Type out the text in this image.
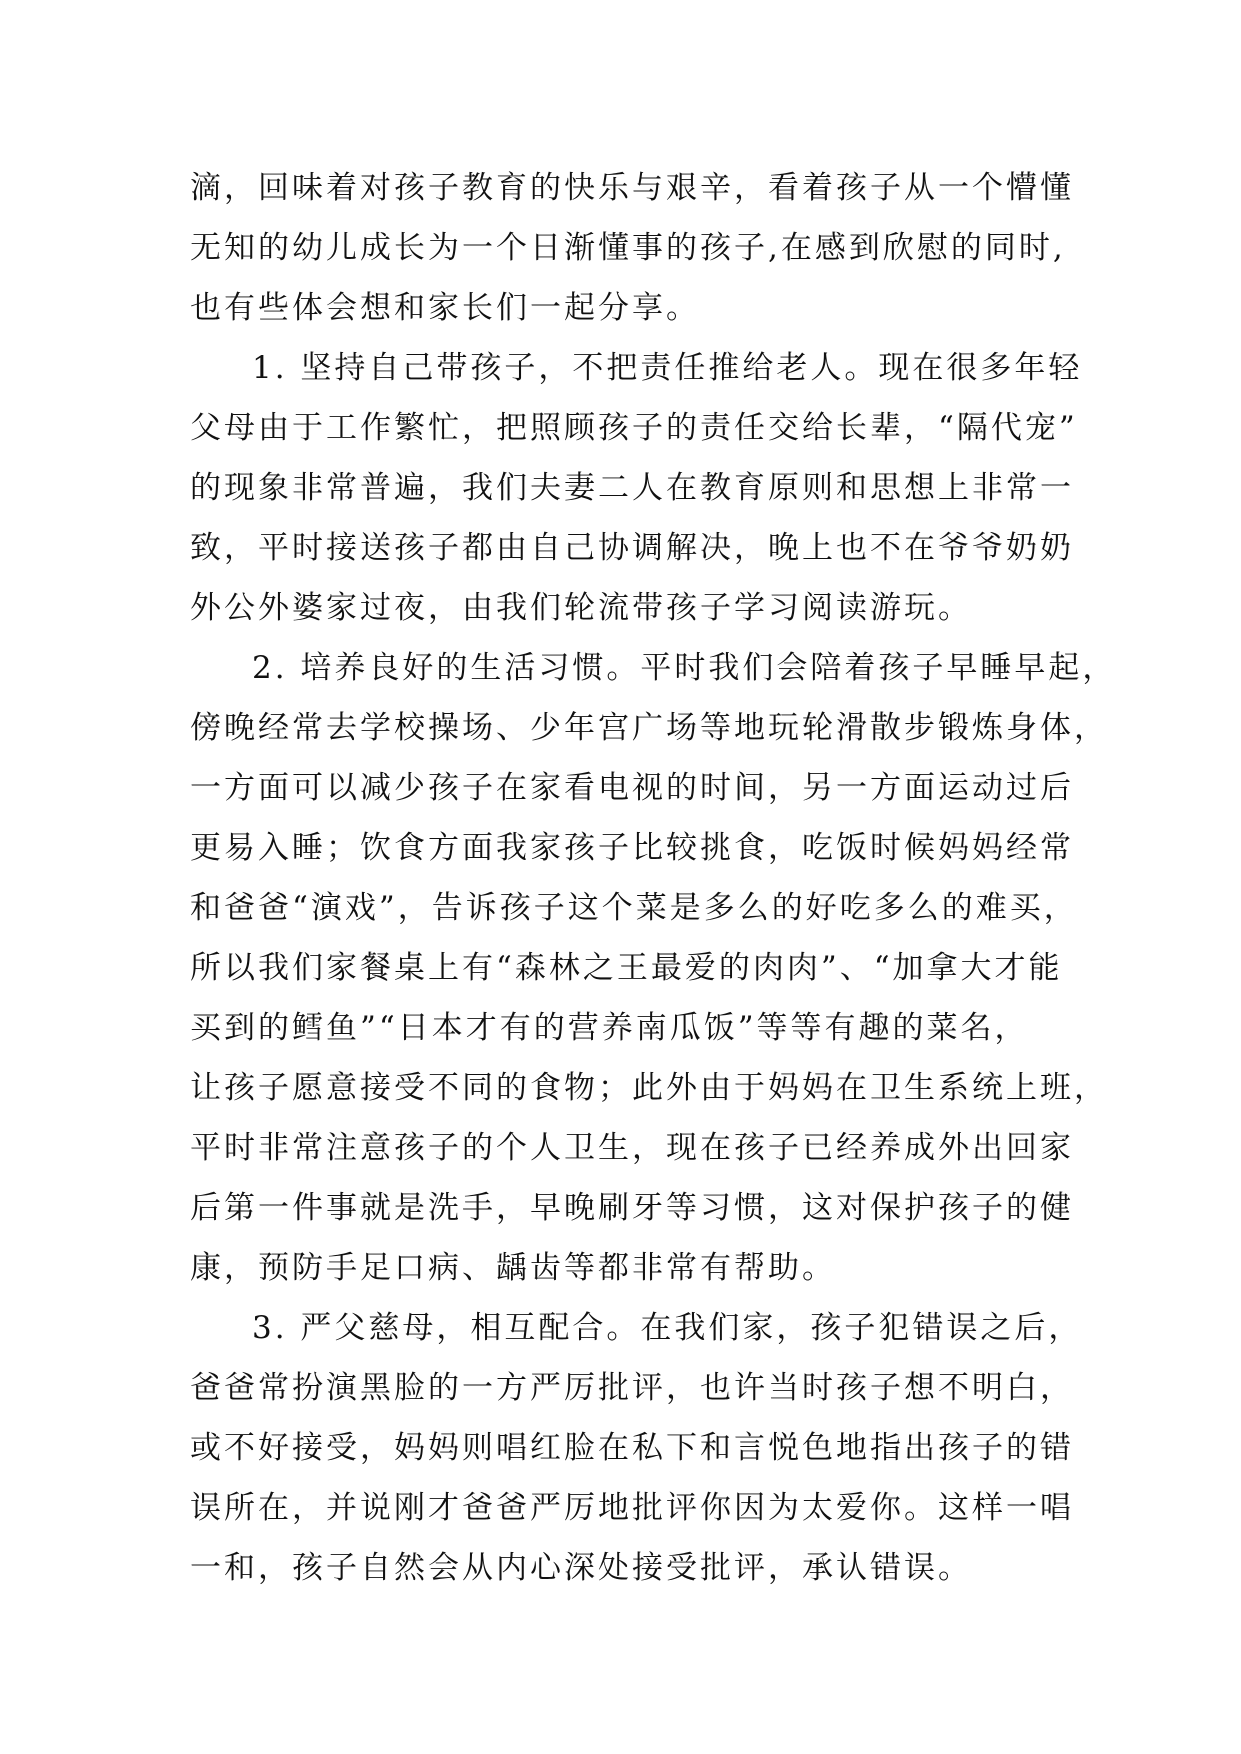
滴，回味着对孩子教育的快乐与艰辛，看着孩子从一个懵懂
无知的幼儿成长为一个日渐懂事的孩子,在感到欣慰的同时,
也有些体会想和家长们一起分享。
1. 坚持自己带孩子，不把责任推给老人。现在很多年轻
父母由于工作繁忙，把照顾孩子的责任交给长辈，“隔代宠”
的现象非常普遍，我们夫妻二人在教育原则和思想上非常一
致，平时接送孩子都由自己协调解决，晚上也不在爷爷奶奶
外公外婆家过夜，由我们轮流带孩子学习阅读游玩。
2. 培养良好的生活习惯。平时我们会陪着孩子早睡早起，
傍晚经常去学校操场、少年宫广场等地玩轮滑散步锻炼身体，
一方面可以减少孩子在家看电视的时间，另一方面运动过后
更易入睡；饮食方面我家孩子比较挑食，吃饭时候妈妈经常
和爸爸“演戏”，告诉孩子这个菜是多么的好吃多么的难买，
所以我们家餐桌上有“森林之王最爱的肉肉”、“加拿大才能
买到的鳕鱼”“日本才有的营养南瓜饭”等等有趣的菜名，
让孩子愿意接受不同的食物；此外由于妈妈在卫生系统上班，
平时非常注意孩子的个人卫生，现在孩子已经养成外出回家
后第一件事就是洗手，早晚刷牙等习惯，这对保护孩子的健
康，预防手足口病、龋齿等都非常有帮助。
3. 严父慈母，相互配合。在我们家，孩子犯错误之后，
爸爸常扮演黑脸的一方严厉批评，也许当时孩子想不明白，
或不好接受，妈妈则唱红脸在私下和言悦色地指出孩子的错
误所在，并说刚才爸爸严厉地批评你因为太爱你。这样一唱
一和，孩子自然会从内心深处接受批评，承认错误。
